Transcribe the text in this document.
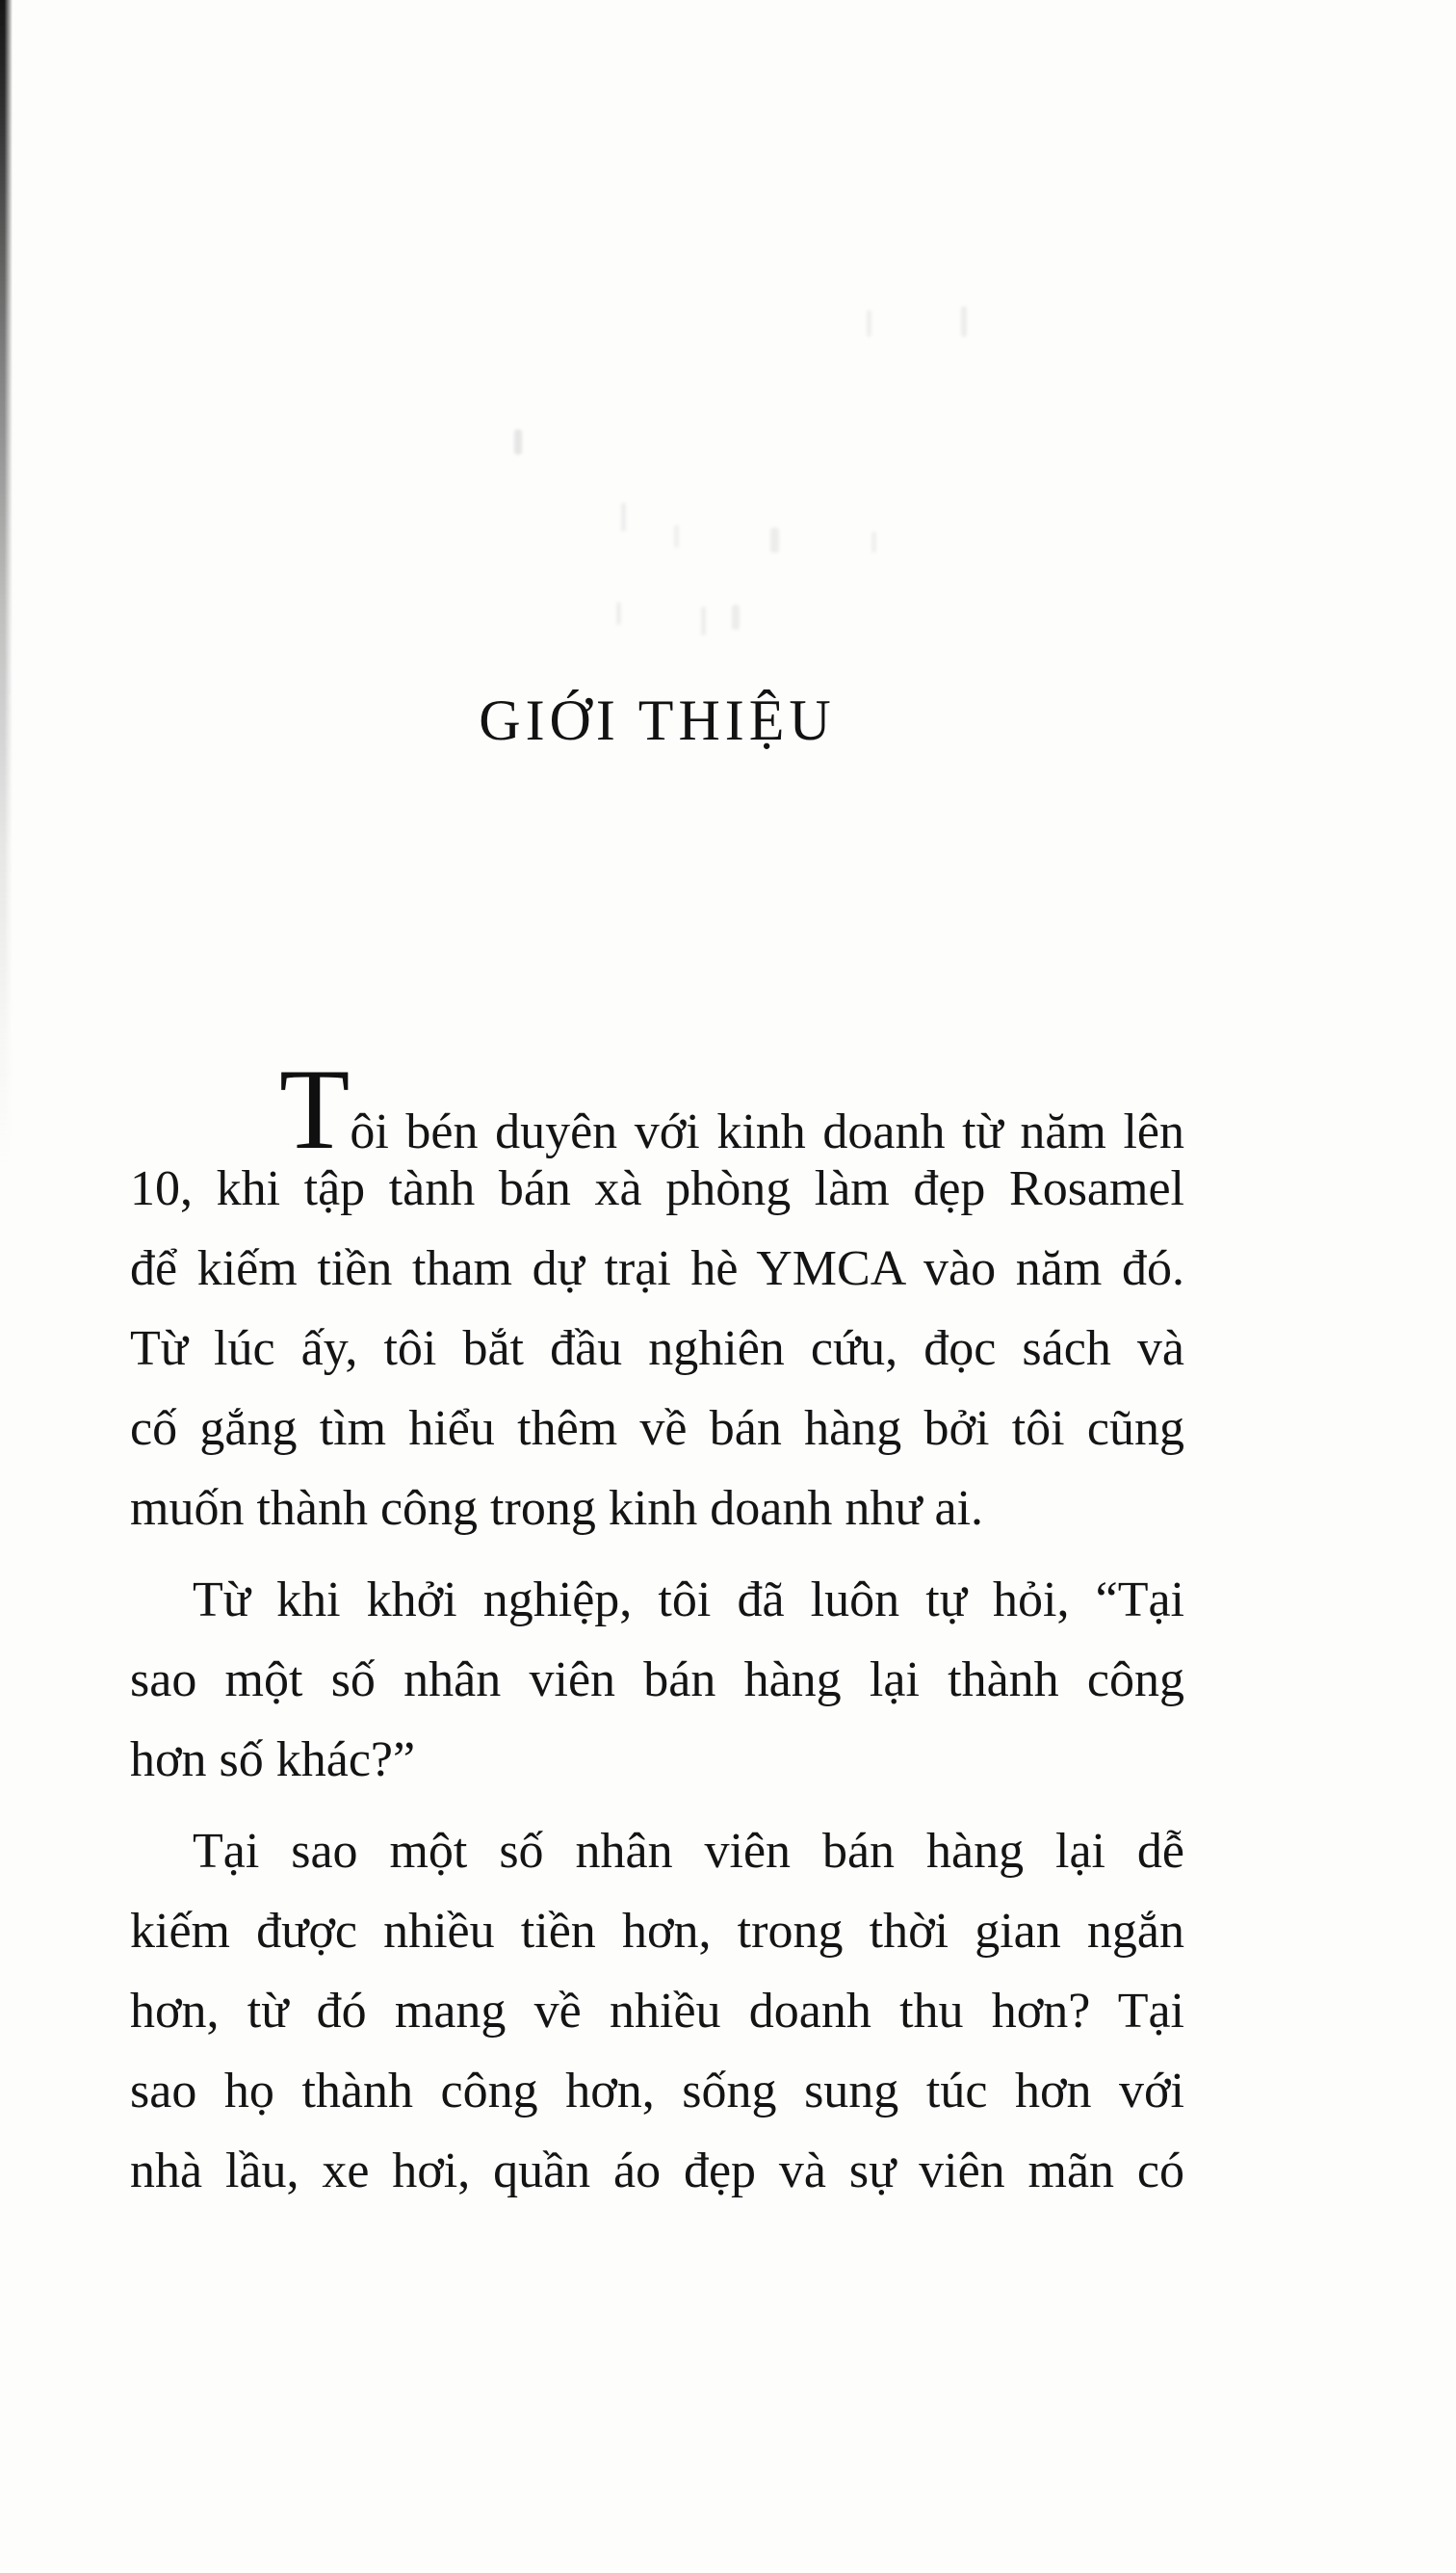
GIỚI THIỆU
Tôi bén duyên với kinh doanh từ năm lên
10, khi tập tành bán xà phòng làm đẹp Rosamel
để kiếm tiền tham dự trại hè YMCA vào năm đó.
Từ lúc ấy, tôi bắt đầu nghiên cứu, đọc sách và
cố gắng tìm hiểu thêm về bán hàng bởi tôi cũng
muốn thành công trong kinh doanh như ai.
Từ khi khởi nghiệp, tôi đã luôn tự hỏi, “Tại
sao một số nhân viên bán hàng lại thành công
hơn số khác?”
Tại sao một số nhân viên bán hàng lại dễ
kiếm được nhiều tiền hơn, trong thời gian ngắn
hơn, từ đó mang về nhiều doanh thu hơn? Tại
sao họ thành công hơn, sống sung túc hơn với
nhà lầu, xe hơi, quần áo đẹp và sự viên mãn có
